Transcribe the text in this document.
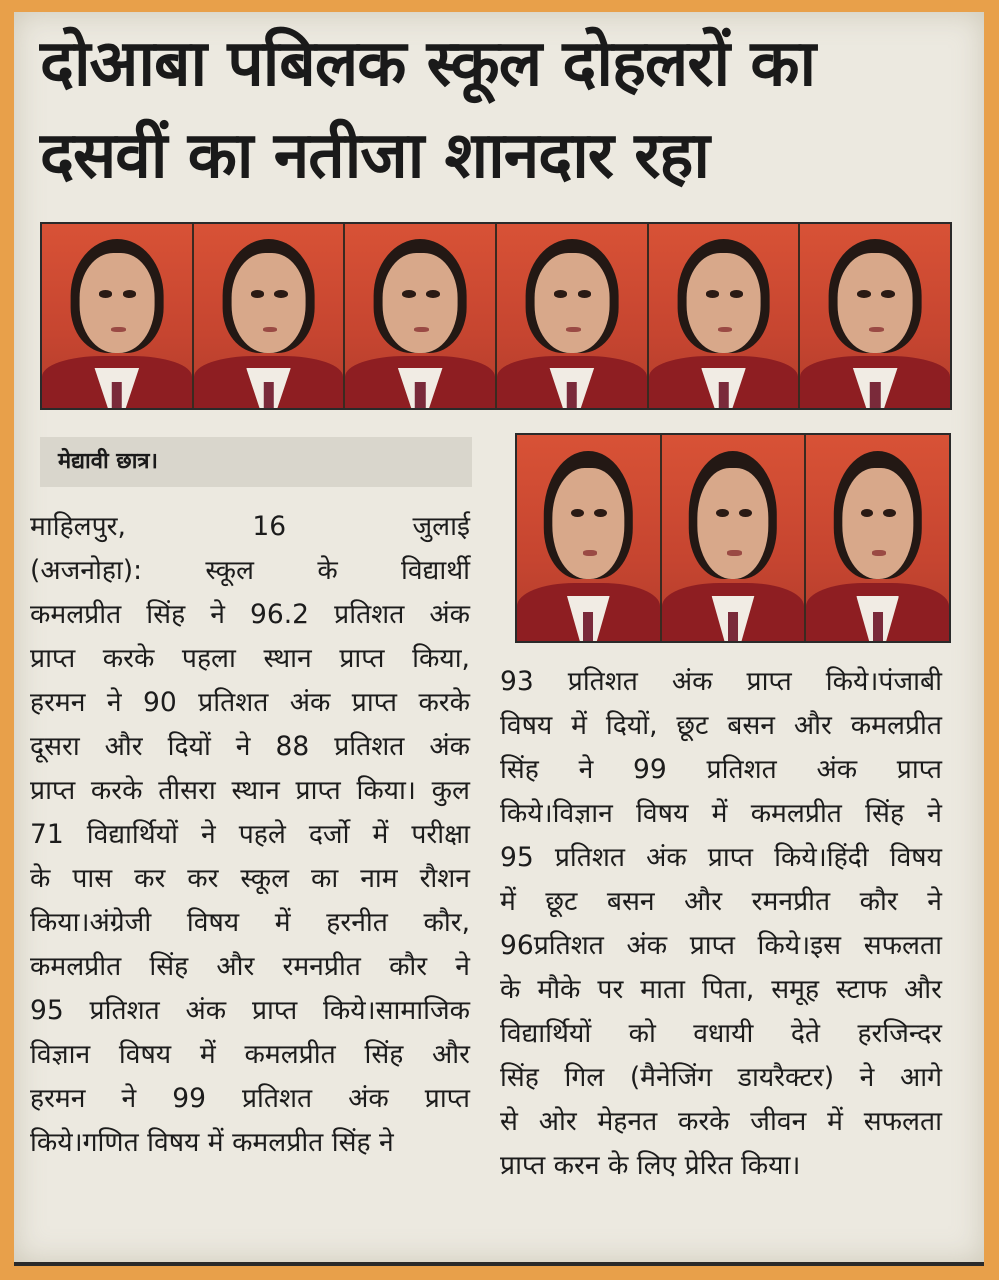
दोआबा पबिलक स्कूल दोहलरों का
दसवीं का नतीजा शानदार रहा
मेद्यावी छात्र।
माहिलपुर, 16 जुलाई
(अजनोहा): स्कूल के विद्यार्थी
कमलप्रीत सिंह ने 96.2 प्रतिशत अंक
प्राप्त करके पहला स्थान प्राप्त किया,
हरमन ने 90 प्रतिशत अंक प्राप्त करके
दूसरा और दियों ने 88 प्रतिशत अंक
प्राप्त करके तीसरा स्थान प्राप्त किया। कुल
71 विद्यार्थियों ने पहले दर्जो में परीक्षा
के पास कर कर स्कूल का नाम रौशन
किया।अंग्रेजी विषय में हरनीत कौर,
कमलप्रीत सिंह और रमनप्रीत कौर ने
95 प्रतिशत अंक प्राप्त किये।सामाजिक
विज्ञान विषय में कमलप्रीत सिंह और
हरमन ने 99 प्रतिशत अंक प्राप्त
किये।गणित विषय में कमलप्रीत सिंह ने
93 प्रतिशत अंक प्राप्त किये।पंजाबी
विषय में दियों, छूट बसन और कमलप्रीत
सिंह ने 99 प्रतिशत अंक प्राप्त
किये।विज्ञान विषय में कमलप्रीत सिंह ने
95 प्रतिशत अंक प्राप्त किये।हिंदी विषय
में छूट बसन और रमनप्रीत कौर ने
96प्रतिशत अंक प्राप्त किये।इस सफलता
के मौके पर माता पिता, समूह स्टाफ और
विद्यार्थियों को वधायी देते हरजिन्दर
सिंह गिल (मैनेजिंग डायरैक्टर) ने आगे
से ओर मेहनत करके जीवन में सफलता
प्राप्त करन के लिए प्रेरित किया।
